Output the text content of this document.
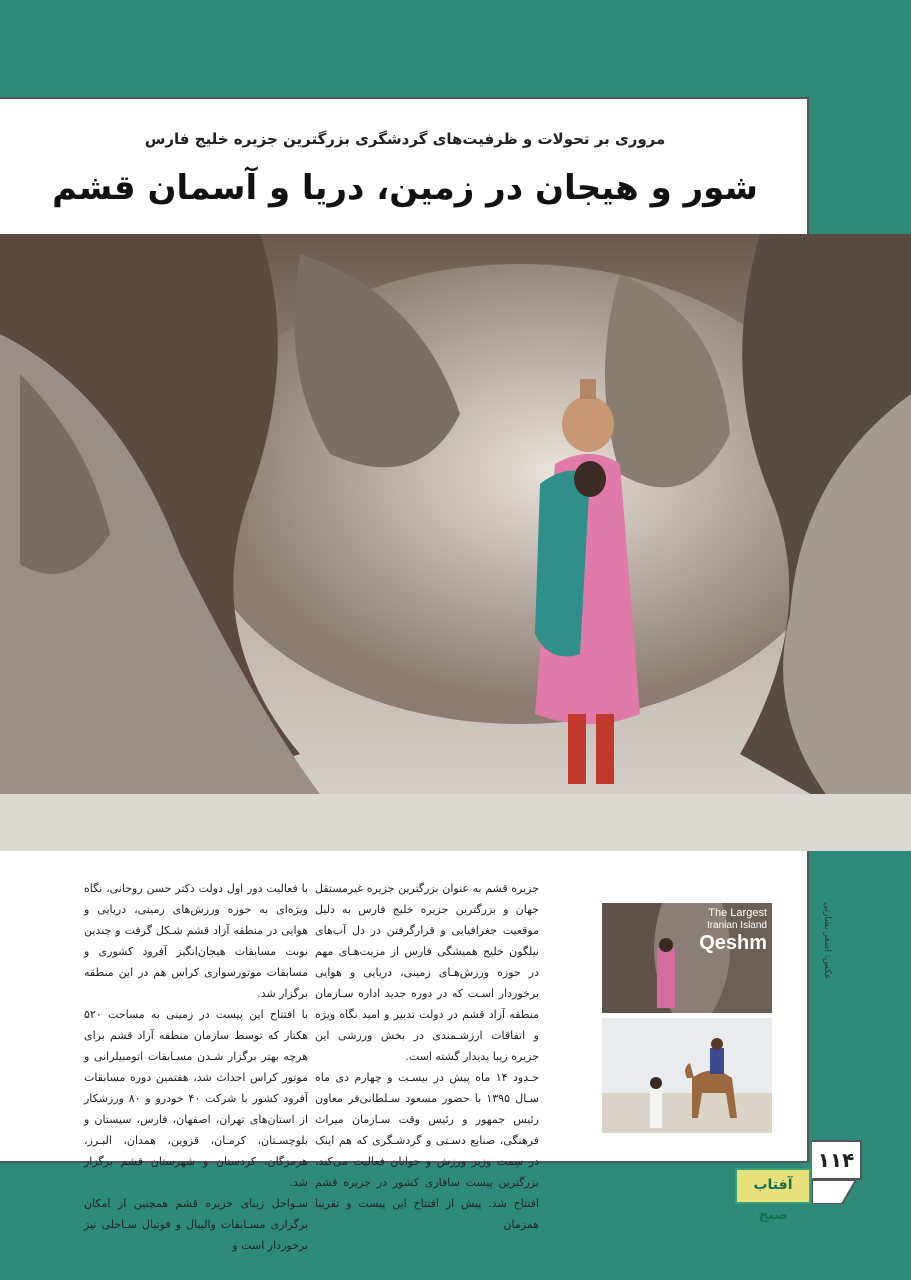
مروری بر تحولات و ظرفیت‌های گردشگری بزرگترین جزیره خلیج فارس
شور و هیجان در زمین، دریا و آسمان قشم
عکس: اصغر بشارتی

جزیره قشم به عنوان بزرگترین جزیره غیرمستقل جهان و بزرگترین جزیره خلیج فارس به دلیل موقعیت جغرافیایی و قرارگرفتن در دل آب‌های نیلگون خلیج همیشگی فارس از مزیت‌هـای مهم در حوزه ورزش‌هـای زمینی، دریایی و هوایی برخوردار اسـت که در دوره جدید اداره سـازمان منطقه آزاد قشم در دولت تدبیر و امید نگاه ویژه و اتفاقات ارزشـمندی در بخش ورزشی این جزیره زیبا پدیدار گشته است.

حـدود ۱۴ ماه پیش در بیسـت و چهارم دی ماه سـال ۱۳۹۵ با حضور مسعود سـلطانی‌فر معاون رئیس جمهور و رئیس وقت سـازمان میراث فرهنگی، صنایع دسـتی و گردشـگری که هم اینک در سِمت وزیر ورزش و جوانان فعالیت می‌کند، بزرگترین پیست سافاری کشور در جزیره قشم افتتاح شد. پیش از افتتاح این پیست و تقریبا همزمان

با فعالیت دور اول دولت دکتر حسن روحانی، نگاه ویژه‌ای به حوزه ورزش‌های زمینی، دریایی و هوایی در منطقه آزاد قشم شـکل گرفت و چندین نوبت مسابقات هیجان‌انگیز آفرود کشوری و مسابقات موتورسواری کراس هم در این منطقه برگزار شد.

با افتتاح این پیست در زمینی به مساحت ۵۲۰ هکتار که توسط سازمان منطقه آزاد قشم برای هرچه بهتر برگزار شـدن مسـابقات اتومبیلرانی و موتور کراس احداث شد، هفتمین دوره مسابقات آفرود کشور با شرکت ۴۰ خودرو و ۸۰ ورزشکار از استان‌های تهران، اصفهان، فارس، سیستان و بلوچسـتان، کرمـان، قزوین، همدان، البـرز، هرمزگان، کردستان و شهرستان قشم برگزار شد.

سـواحل زیبای جزیره قشم همچنین از امکان برگزاری مسـابقات والیبال و فوتبال سـاحلی نیز برخوردار است و

The Largest
Iranian Island
Qeshm
۱۱۴
آفتاب صبح
